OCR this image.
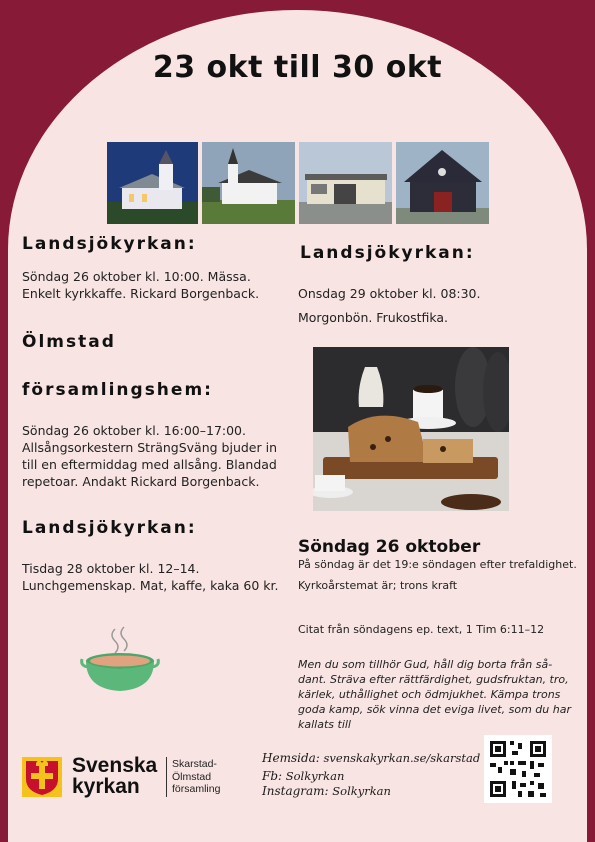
23 okt till 30 okt
Landsjökyrkan:
Söndag 26 oktober kl. 10:00. Mässa.
Enkelt kyrkkaffe. Rickard Borgenback.
Ölmstad
församlingshem:
Söndag 26 oktober kl. 16:00–17:00.
Allsångsorkestern SträngSväng bjuder in
till en eftermiddag med allsång. Blandad
repetoar. Andakt Rickard Borgenback.
Landsjökyrkan:
Tisdag 28 oktober kl. 12–14.
Lunchgemenskap. Mat, kaffe, kaka 60 kr.
Landsjökyrkan:
Onsdag 29 oktober kl. 08:30.
Morgonbön. Frukostfika.
Söndag 26 oktober
På söndag är det 19:e söndagen efter trefaldighet.
Kyrkoårstemat är; trons kraft
Citat från söndagens ep. text, 1 Tim 6:11–12
Men du som tillhör Gud, håll dig borta från så-
dant. Sträva efter rättfärdighet, gudsfruktan, tro,
kärlek, uthållighet och ödmjukhet. Kämpa trons
goda kamp, sök vinna det eviga livet, som du har
kallats till
Svenska
kyrkan
Skarstad-
Ölmstad
församling
Hemsida: svenskakyrkan.se/skarstad
Fb: Solkyrkan
Instagram: Solkyrkan
